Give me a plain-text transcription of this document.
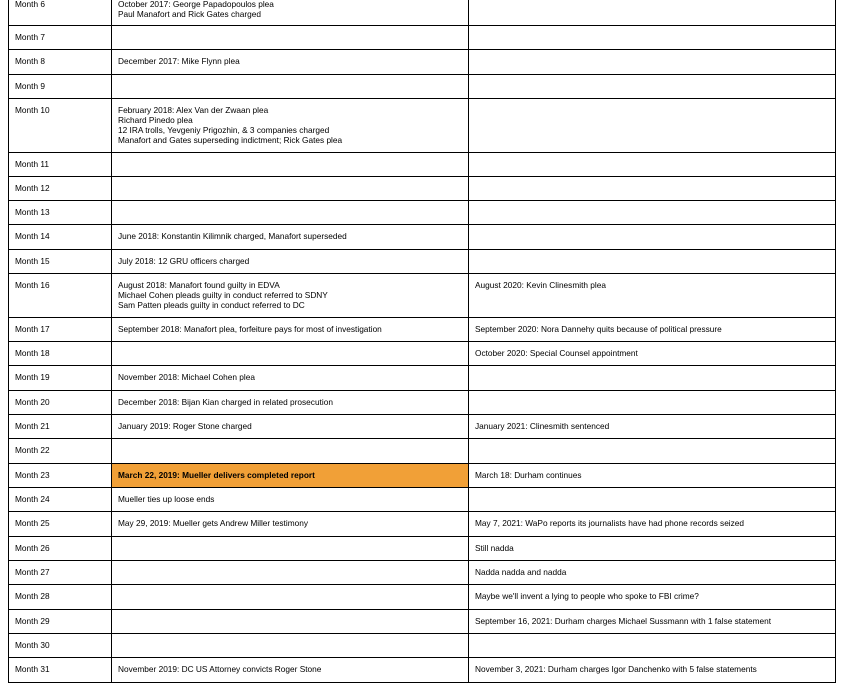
Month 6	October 2017: George Papadopoulos plea
Paul Manafort and Rick Gates charged	

Month 7		
Month 8	December 2017: Mike Flynn plea	

Month 9		
Month 10	February 2018: Alex Van der Zwaan plea
Richard Pinedo plea
12 IRA trolls, Yevgeniy Prigozhin, & 3 companies charged
Manafort and Gates superseding indictment; Rick Gates plea	

Month 11		
Month 12		
Month 13		
Month 14	June 2018: Konstantin Kilimnik charged, Manafort superseded	

Month 15	July 2018: 12 GRU officers charged	

Month 16	August 2018: Manafort found guilty in EDVA
Michael Cohen pleads guilty in conduct referred to SDNY
Sam Patten pleads guilty in conduct referred to DC	August 2020: Kevin Clinesmith plea

Month 17	September 2018: Manafort plea, forfeiture pays for most of investigation	September 2020: Nora Dannehy quits because of political pressure

Month 18		October 2020: Special Counsel appointment

Month 19	November 2018: Michael Cohen plea	

Month 20	December 2018: Bijan Kian charged in related prosecution	

Month 21	January 2019: Roger Stone charged	January 2021: Clinesmith sentenced

Month 22		
Month 23	March 22, 2019: Mueller delivers completed report	March 18: Durham continues

Month 24	Mueller ties up loose ends	

Month 25	May 29, 2019: Mueller gets Andrew Miller testimony	May 7, 2021: WaPo reports its journalists have had phone records seized

Month 26		Still nadda

Month 27		Nadda nadda and nadda

Month 28		Maybe we'll invent a lying to people who spoke to FBI crime?

Month 29		September 16, 2021: Durham charges Michael Sussmann with 1 false statement

Month 30		
Month 31	November 2019: DC US Attorney convicts Roger Stone	November 3, 2021: Durham charges Igor Danchenko with 5 false statements
